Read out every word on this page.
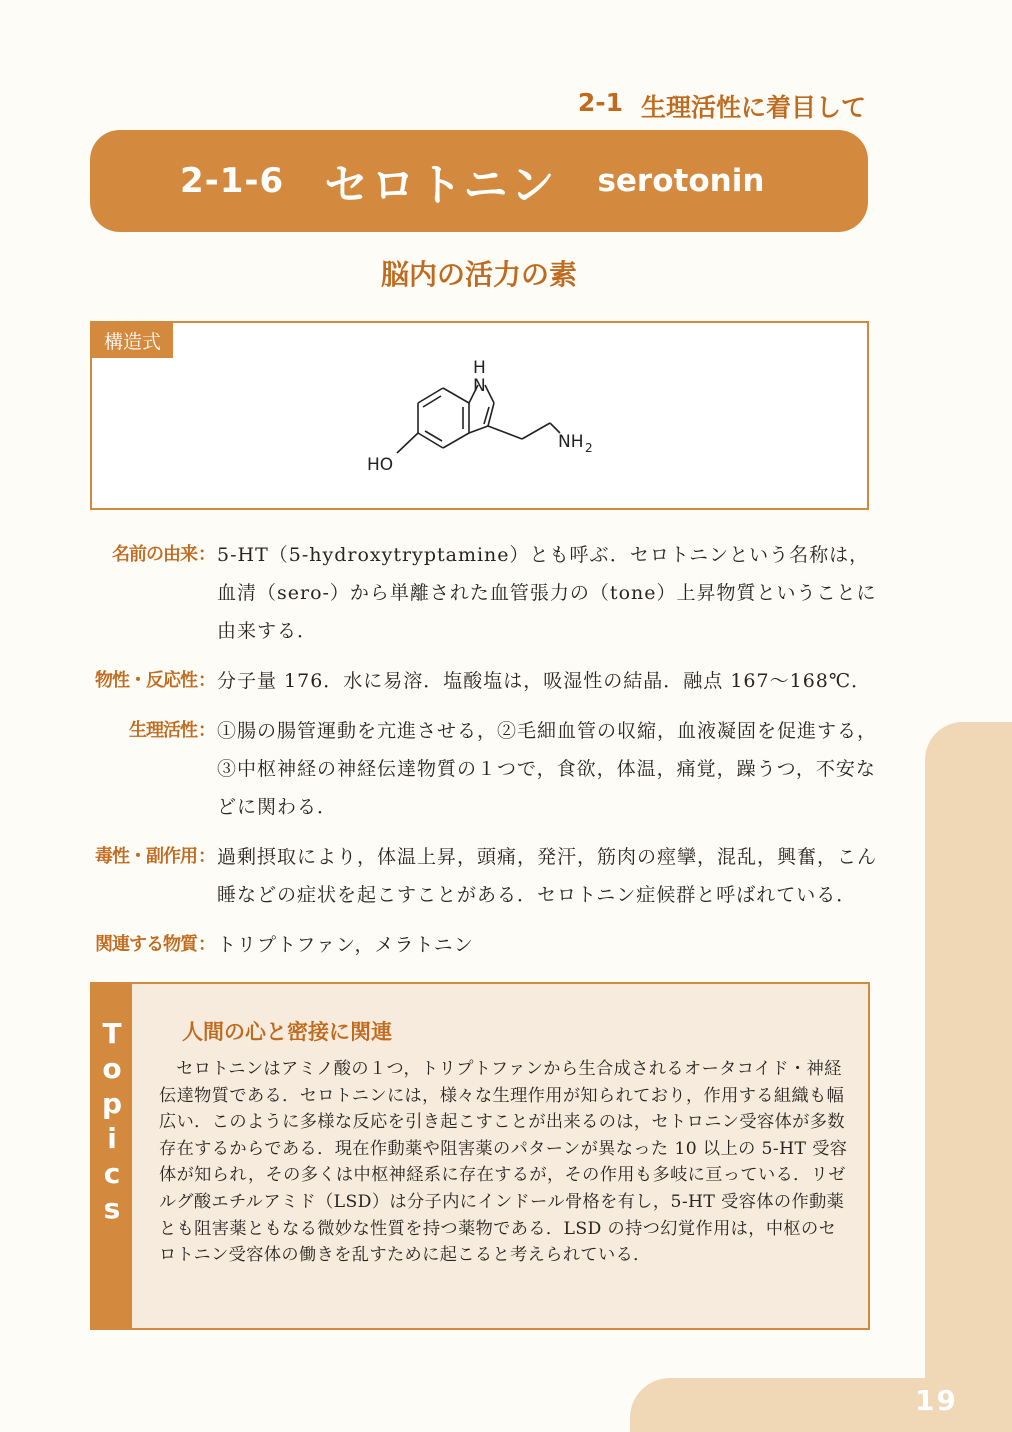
19
2-1 生理活性に着目して
2-1-6 セロトニン serotonin
脳内の活力の素
構造式
H
N
NH 2
HO
名前の由来 ： 5-HT（5-hydroxytryptamine）とも呼ぶ．セロトニンという名称は，血清（sero-）から単離された血管張力の（tone）上昇物質ということに由来する．
物性・反応性 ： 分子量 176．水に易溶．塩酸塩は，吸湿性の結晶．融点 167〜168℃．
生理活性 ： ①腸の腸管運動を亢進させる，②毛細血管の収縮，血液凝固を促進する，③中枢神経の神経伝達物質の１つで，食欲，体温，痛覚，躁うつ，不安などに関わる．
毒性・副作用 ： 過剰摂取により，体温上昇，頭痛，発汗，筋肉の痙攣，混乱，興奮，こん睡などの症状を起こすことがある．セロトニン症候群と呼ばれている．
関連する物質 ： トリプトファン，メラトニン
T
o
p
i
c
s
人間の心と密接に関連
セロトニンはアミノ酸の１つ，トリプトファンから生合成されるオータコイド・神経伝達物質である．セロトニンには，様々な生理作用が知られており，作用する組織も幅広い．このように多様な反応を引き起こすことが出来るのは，セトロニン受容体が多数存在するからである．現在作動薬や阻害薬のパターンが異なった 10 以上の 5-HT 受容体が知られ，その多くは中枢神経系に存在するが，その作用も多岐に亘っている．リゼルグ酸エチルアミド（LSD）は分子内にインドール骨格を有し，5-HT 受容体の作動薬とも阻害薬ともなる微妙な性質を持つ薬物である．LSD の持つ幻覚作用は，中枢のセロトニン受容体の働きを乱すために起こると考えられている．
